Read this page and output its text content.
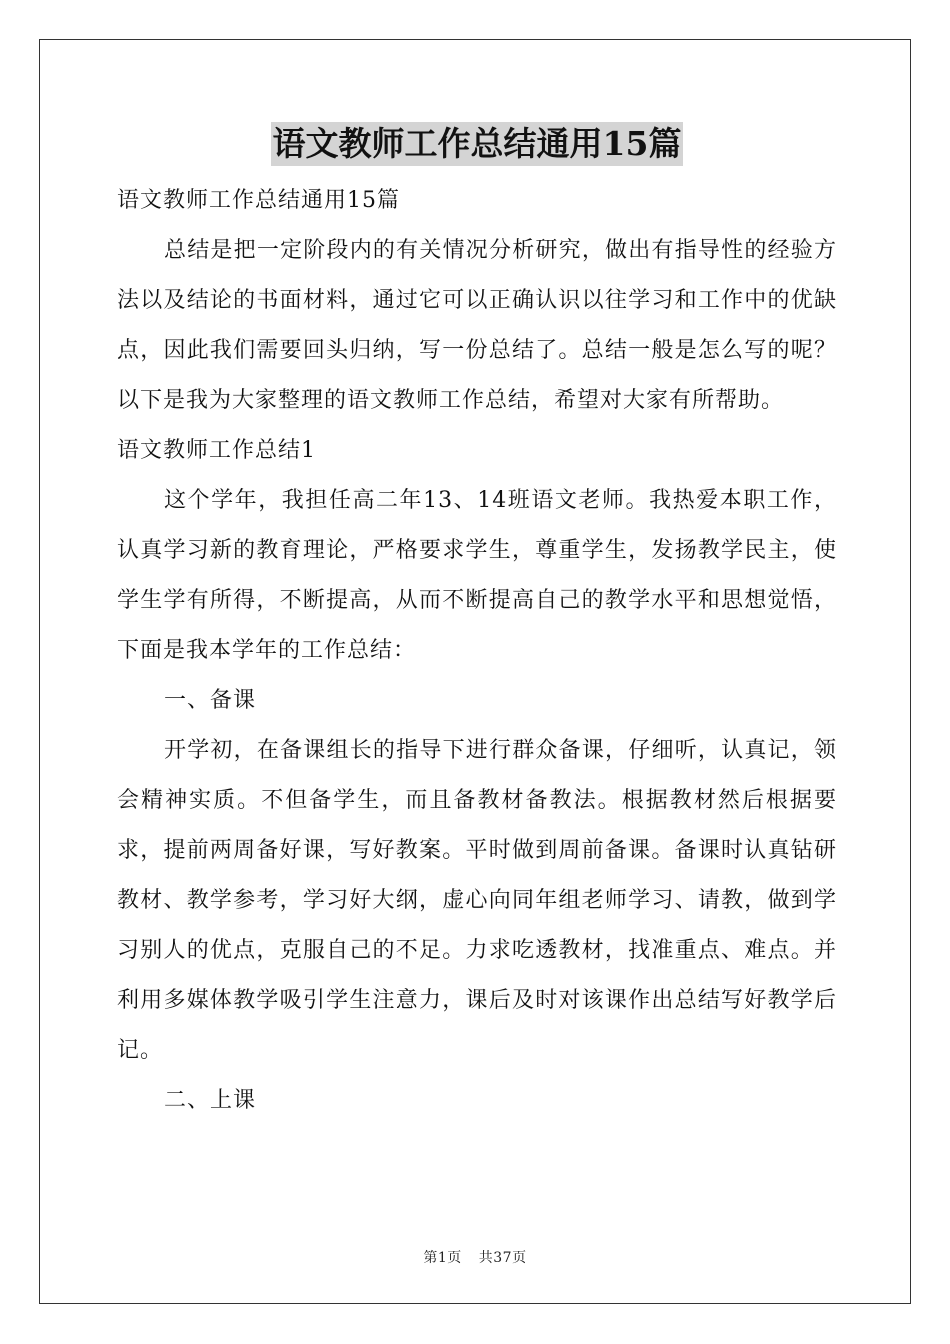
语文教师工作总结通用15篇

语文教师工作总结通用15篇

总结是把一定阶段内的有关情况分析研究，做出有指导性的经验方法以及结论的书面材料，通过它可以正确认识以往学习和工作中的优缺点，因此我们需要回头归纳，写一份总结了。总结一般是怎么写的呢？以下是我为大家整理的语文教师工作总结，希望对大家有所帮助。

语文教师工作总结1

这个学年，我担任高二年13、14班语文老师。我热爱本职工作，认真学习新的教育理论，严格要求学生，尊重学生，发扬教学民主，使学生学有所得，不断提高，从而不断提高自己的教学水平和思想觉悟，下面是我本学年的工作总结：

一、备课

开学初，在备课组长的指导下进行群众备课，仔细听，认真记，领会精神实质。不但备学生，而且备教材备教法。根据教材然后根据要求，提前两周备好课，写好教案。平时做到周前备课。备课时认真钻研教材、教学参考，学习好大纲，虚心向同年组老师学习、请教，做到学习别人的优点，克服自己的不足。力求吃透教材，找准重点、难点。并利用多媒体教学吸引学生注意力，课后及时对该课作出总结写好教学后记。

二、上课

第1页 共37页
